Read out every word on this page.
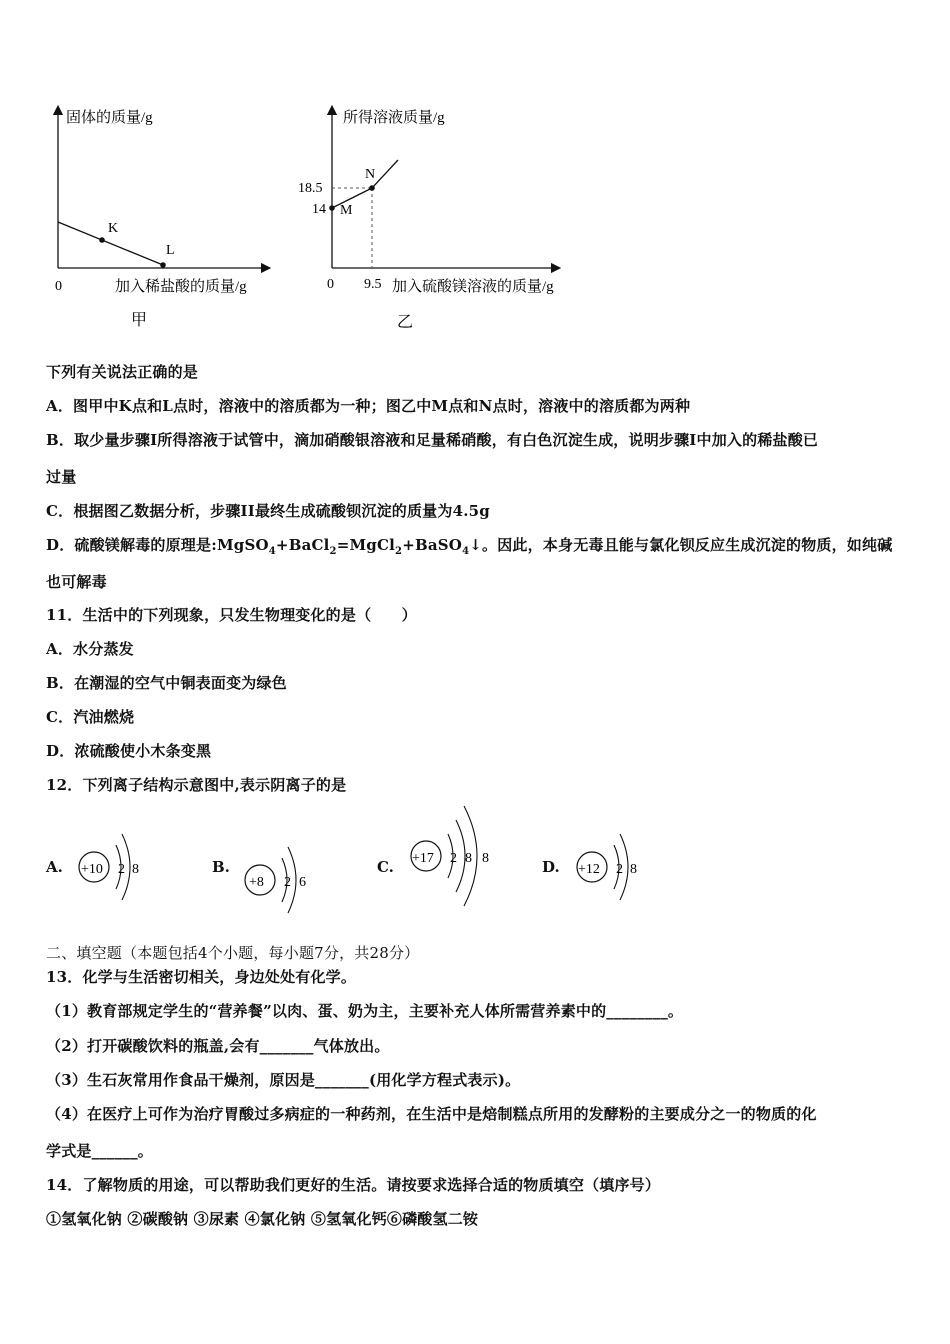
固体的质量/g
K
L
0	加入稀盐酸的质量/g
甲
所得溶液质量/g
18.5
14 M
N
0 9.5 加入硫酸镁溶液的质量/g
乙
下列有关说法正确的是
A．图甲中K点和L点时，溶液中的溶质都为一种；图乙中M点和N点时，溶液中的溶质都为两种
B．取少量步骤I所得溶液于试管中，滴加硝酸银溶液和足量稀硝酸，有白色沉淀生成，说明步骤I中加入的稀盐酸已
过量
C．根据图乙数据分析，步骤II最终生成硫酸钡沉淀的质量为4.5g
D．硫酸镁解毒的原理是:MgSO$_4$+BaCl$_2$=MgCl$_2$+BaSO$_4$↓。因此，本身无毒且能与氯化钡反应生成沉淀的物质，如纯碱
也可解毒
11．生活中的下列现象，只发生物理变化的是（　　）
A．水分蒸发
B．在潮湿的空气中铜表面变为绿色
C．汽油燃烧
D．浓硫酸使小木条变黑
12．下列离子结构示意图中,表示阴离子的是
A. +10 2 8	B.
+8 2 6
C. +17 2 8 8	D. +12 2 8
二、填空题（本题包括4个小题，每小题7分，共28分）
13．化学与生活密切相关，身边处处有化学。
（1）教育部规定学生的“营养餐”以肉、蛋、奶为主，主要补充人体所需营养素中的________。
（2）打开碳酸饮料的瓶盖,会有_______气体放出。
（3）生石灰常用作食品干燥剂，原因是_______(用化学方程式表示)。
（4）在医疗上可作为治疗胃酸过多病症的一种药剂，在生活中是焙制糕点所用的发酵粉的主要成分之一的物质的化
学式是______。
14．了解物质的用途，可以帮助我们更好的生活。请按要求选择合适的物质填空（填序号）
①氢氧化钠 ②碳酸钠 ③尿素 ④氯化钠 ⑤氢氧化钙⑥磷酸氢二铵
